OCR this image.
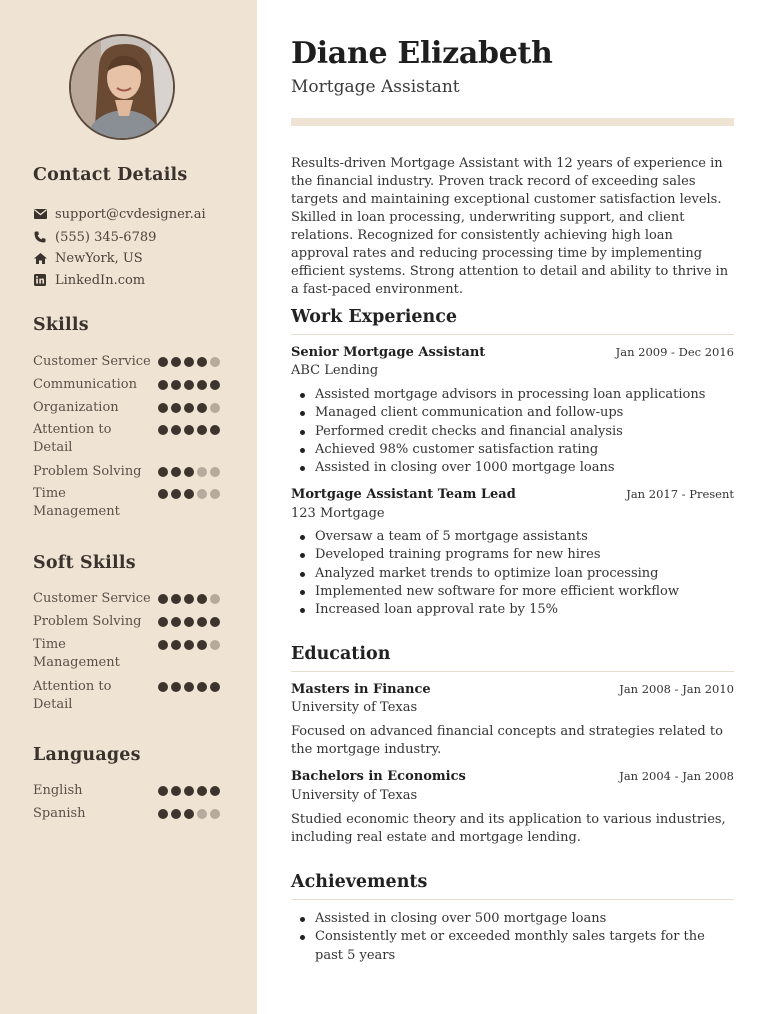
Contact Details
support@cvdesigner.ai
(555) 345-6789
NewYork, US
LinkedIn.com
Skills
Customer Service
Communication
Organization
Attention to Detail
Problem Solving
Time Management
Soft Skills
Customer Service
Problem Solving
Time Management
Attention to Detail
Languages
English
Spanish
Diane Elizabeth
Mortgage Assistant
Results-driven Mortgage Assistant with 12 years of experience in the financial industry. Proven track record of exceeding sales targets and maintaining exceptional customer satisfaction levels. Skilled in loan processing, underwriting support, and client relations. Recognized for consistently achieving high loan approval rates and reducing processing time by implementing efficient systems. Strong attention to detail and ability to thrive in a fast-paced environment.
Work Experience
Senior Mortgage Assistant	Jan 2009 - Dec 2016
ABC Lending
Assisted mortgage advisors in processing loan applications
Managed client communication and follow-ups
Performed credit checks and financial analysis
Achieved 98% customer satisfaction rating
Assisted in closing over 1000 mortgage loans
Mortgage Assistant Team Lead	Jan 2017 - Present
123 Mortgage
Oversaw a team of 5 mortgage assistants
Developed training programs for new hires
Analyzed market trends to optimize loan processing
Implemented new software for more efficient workflow
Increased loan approval rate by 15%
Education
Masters in Finance	Jan 2008 - Jan 2010
University of Texas
Focused on advanced financial concepts and strategies related to the mortgage industry.
Bachelors in Economics	Jan 2004 - Jan 2008
University of Texas
Studied economic theory and its application to various industries, including real estate and mortgage lending.
Achievements
Assisted in closing over 500 mortgage loans
Consistently met or exceeded monthly sales targets for the past 5 years
